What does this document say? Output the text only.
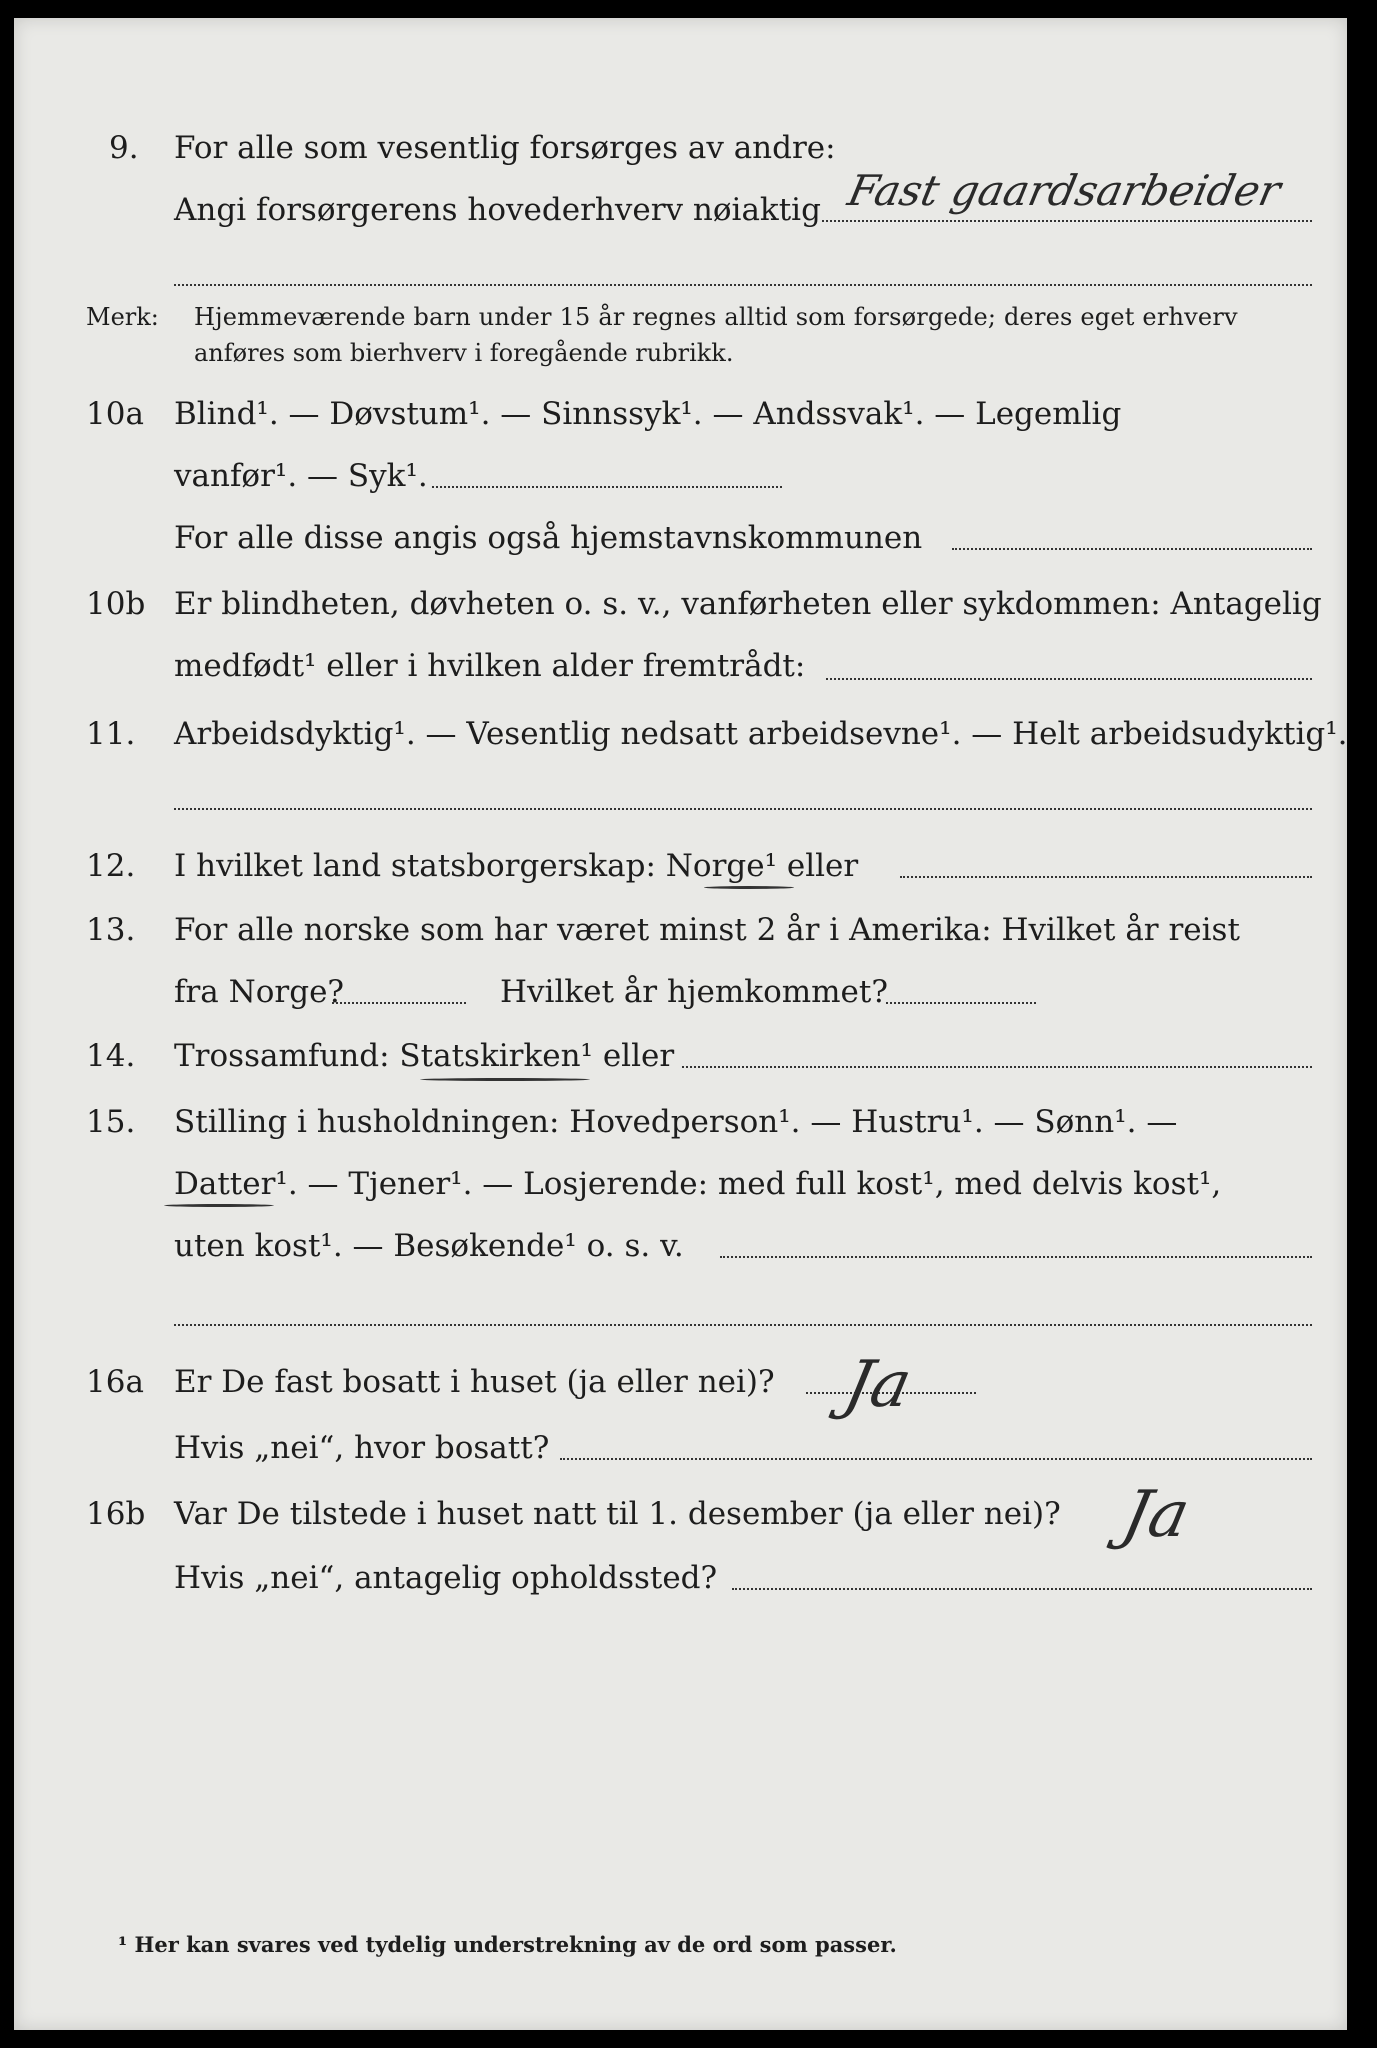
9. For alle som vesentlig forsørges av andre:
Angi forsørgerens hovederhverv nøiaktig Fast gaardsarbeider
Merk: Hjemmeværende barn under 15 år regnes alltid som forsørgede; deres eget erhverv
anføres som bierhverv i foregående rubrikk.
10a Blind¹. — Døvstum¹. — Sinnssyk¹. — Andssvak¹. — Legemlig
vanfør¹. — Syk¹.
For alle disse angis også hjemstavnskommunen
10b Er blindheten, døvheten o. s. v., vanførheten eller sykdommen: Antagelig
medfødt¹ eller i hvilken alder fremtrådt:
11. Arbeidsdyktig¹. — Vesentlig nedsatt arbeidsevne¹. — Helt arbeidsudyktig¹.
12. I hvilket land statsborgerskap: Norge¹ eller
13. For alle norske som har været minst 2 år i Amerika: Hvilket år reist
fra Norge?	Hvilket år hjemkommet?
14. Trossamfund: Statskirken¹ eller
15. Stilling i husholdningen: Hovedperson¹. — Hustru¹. — Sønn¹. —
Datter¹. — Tjener¹. — Losjerende: med full kost¹, med delvis kost¹,
uten kost¹. — Besøkende¹ o. s. v.
16a Er De fast bosatt i huset (ja eller nei)? Ja
Hvis „nei“, hvor bosatt?
16b Var De tilstede i huset natt til 1. desember (ja eller nei)? Ja
Hvis „nei“, antagelig opholdssted?
¹ Her kan svares ved tydelig understrekning av de ord som passer.
